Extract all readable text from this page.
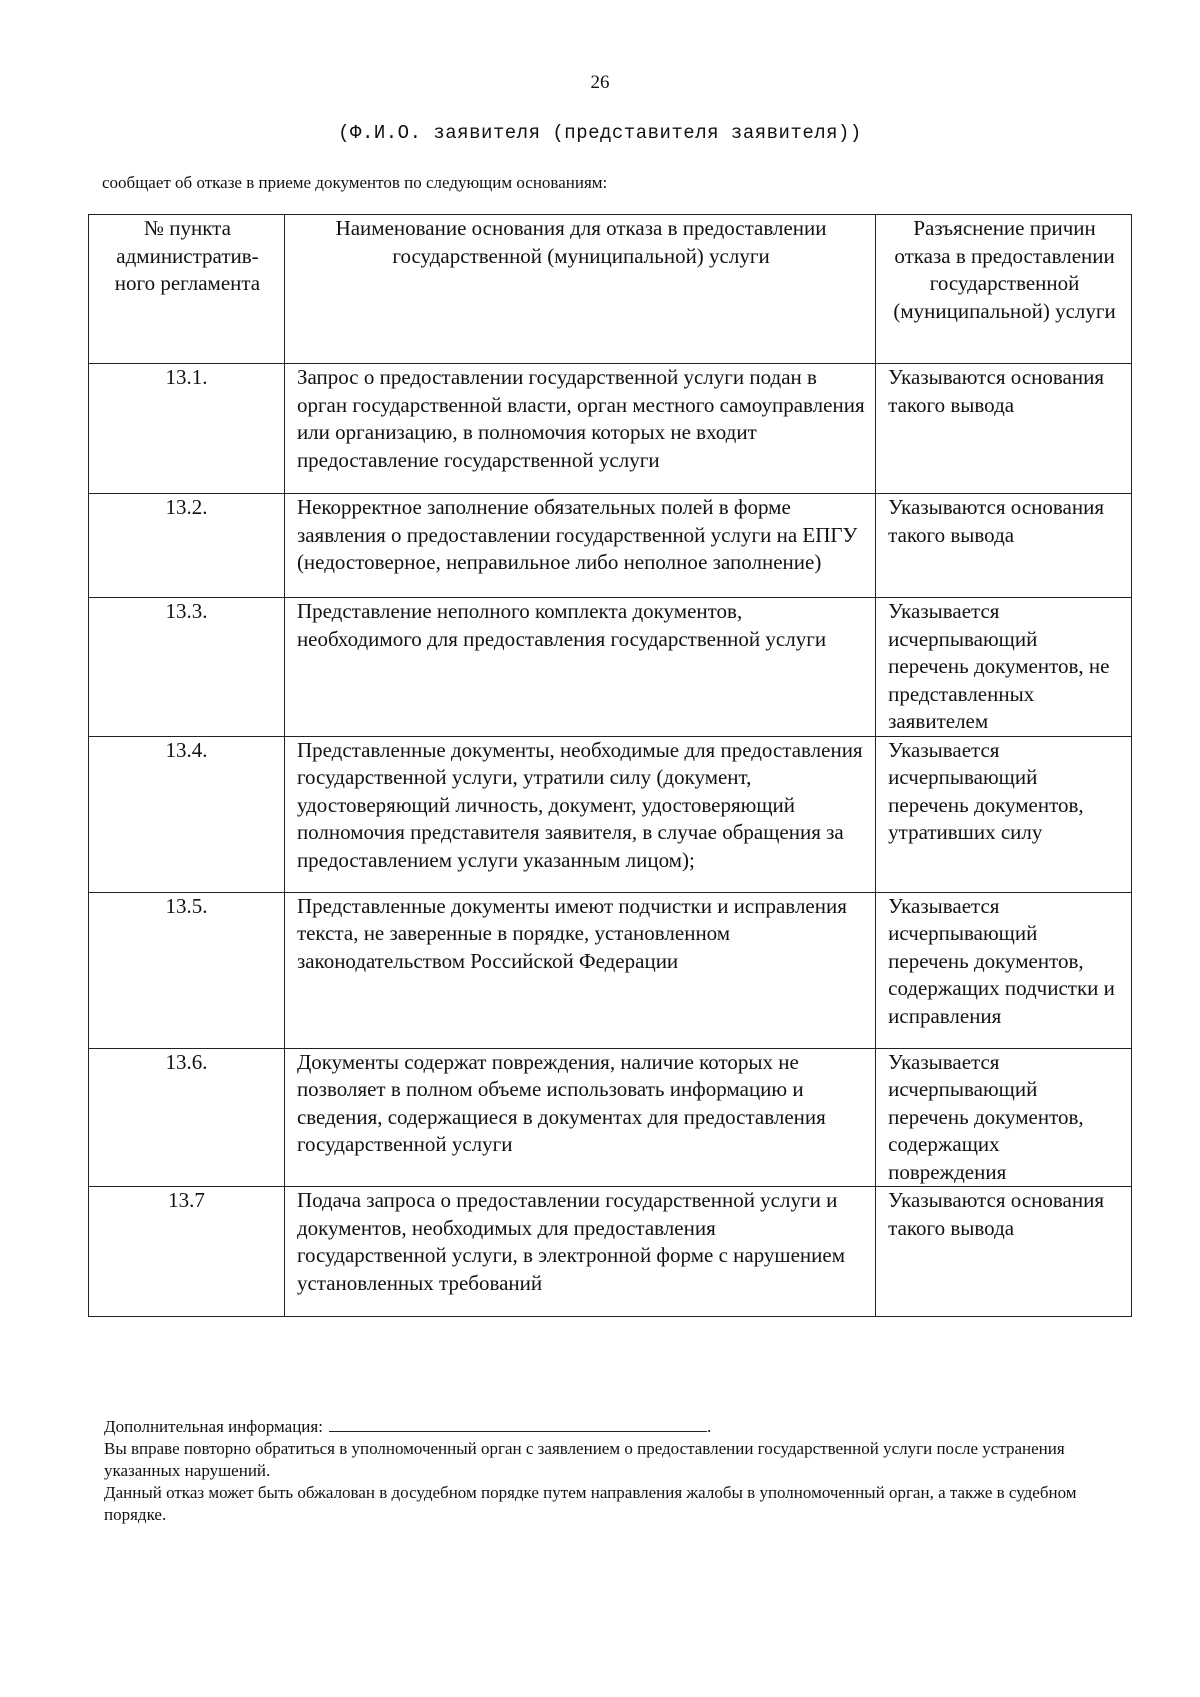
26
(Ф.И.О. заявителя (представителя заявителя))
сообщает об отказе в приеме документов по следующим основаниям:
№ пункта административ-ного регламента	Наименование основания для отказа в предоставлении государственной (муниципальной) услуги	Разъяснение причин отказа в предоставлении государственной (муниципальной) услуги
13.1.	Запрос о предоставлении государственной услуги подан в орган государственной власти, орган местного самоуправления или организацию, в полномочия которых не входит предоставление государственной услуги	Указываются основания такого вывода
13.2.	Некорректное заполнение обязательных полей в форме заявления о предоставлении государственной услуги на ЕПГУ (недостоверное, неправильное либо неполное заполнение)	Указываются основания такого вывода
13.3.	Представление неполного комплекта документов, необходимого для предоставления государственной услуги	Указывается исчерпывающий перечень документов, не представленных заявителем
13.4.	Представленные документы, необходимые для предоставления государственной услуги, утратили силу (документ, удостоверяющий личность, документ, удостоверяющий полномочия представителя заявителя, в случае обращения за предоставлением услуги указанным лицом);	Указывается исчерпывающий перечень документов, утративших силу
13.5.	Представленные документы имеют подчистки и исправления текста, не заверенные в порядке, установленном законодательством Российской Федерации	Указывается исчерпывающий перечень документов, содержащих подчистки и исправления
13.6.	Документы содержат повреждения, наличие которых не позволяет в полном объеме использовать информацию и сведения, содержащиеся в документах для предоставления государственной услуги	Указывается исчерпывающий перечень документов, содержащих повреждения
13.7	Подача запроса о предоставлении государственной услуги и документов, необходимых для предоставления государственной услуги, в электронной форме с нарушением установленных требований	Указываются основания такого вывода

Дополнительная информация:	.

Вы вправе повторно обратиться в уполномоченный орган с заявлением о предоставлении государственной услуги после устранения указанных нарушений.

Данный отказ может быть обжалован в досудебном порядке путем направления жалобы в уполномоченный орган, а также в судебном порядке.
